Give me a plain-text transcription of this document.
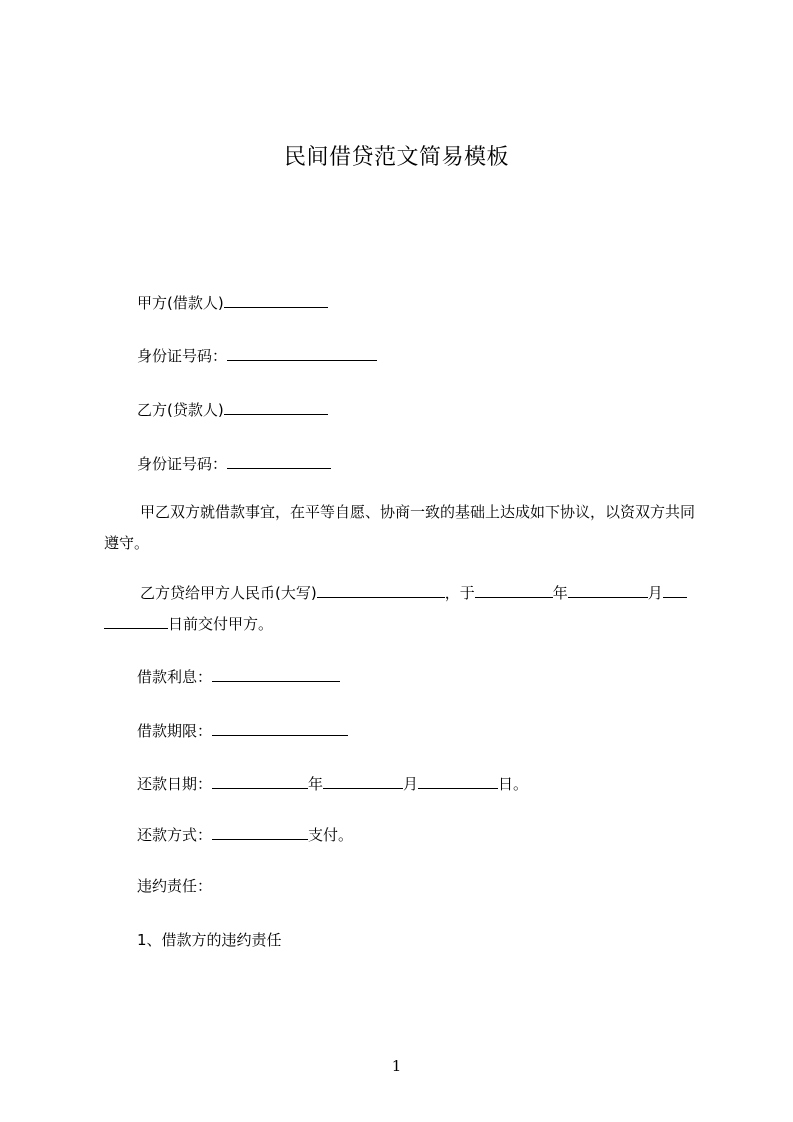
民间借贷范文简易模板
甲方(借款人)
身份证号码：
乙方(贷款人)
身份证号码：
甲乙双方就借款事宜，在平等自愿、协商一致的基础上达成如下协议，以资双方共同遵守。
乙方贷给甲方人民币(大写)	，于	年	月
日前交付甲方。
借款利息：
借款期限：
还款日期：	年	月	日。
还款方式：	支付。
违约责任：
1、借款方的违约责任
1
